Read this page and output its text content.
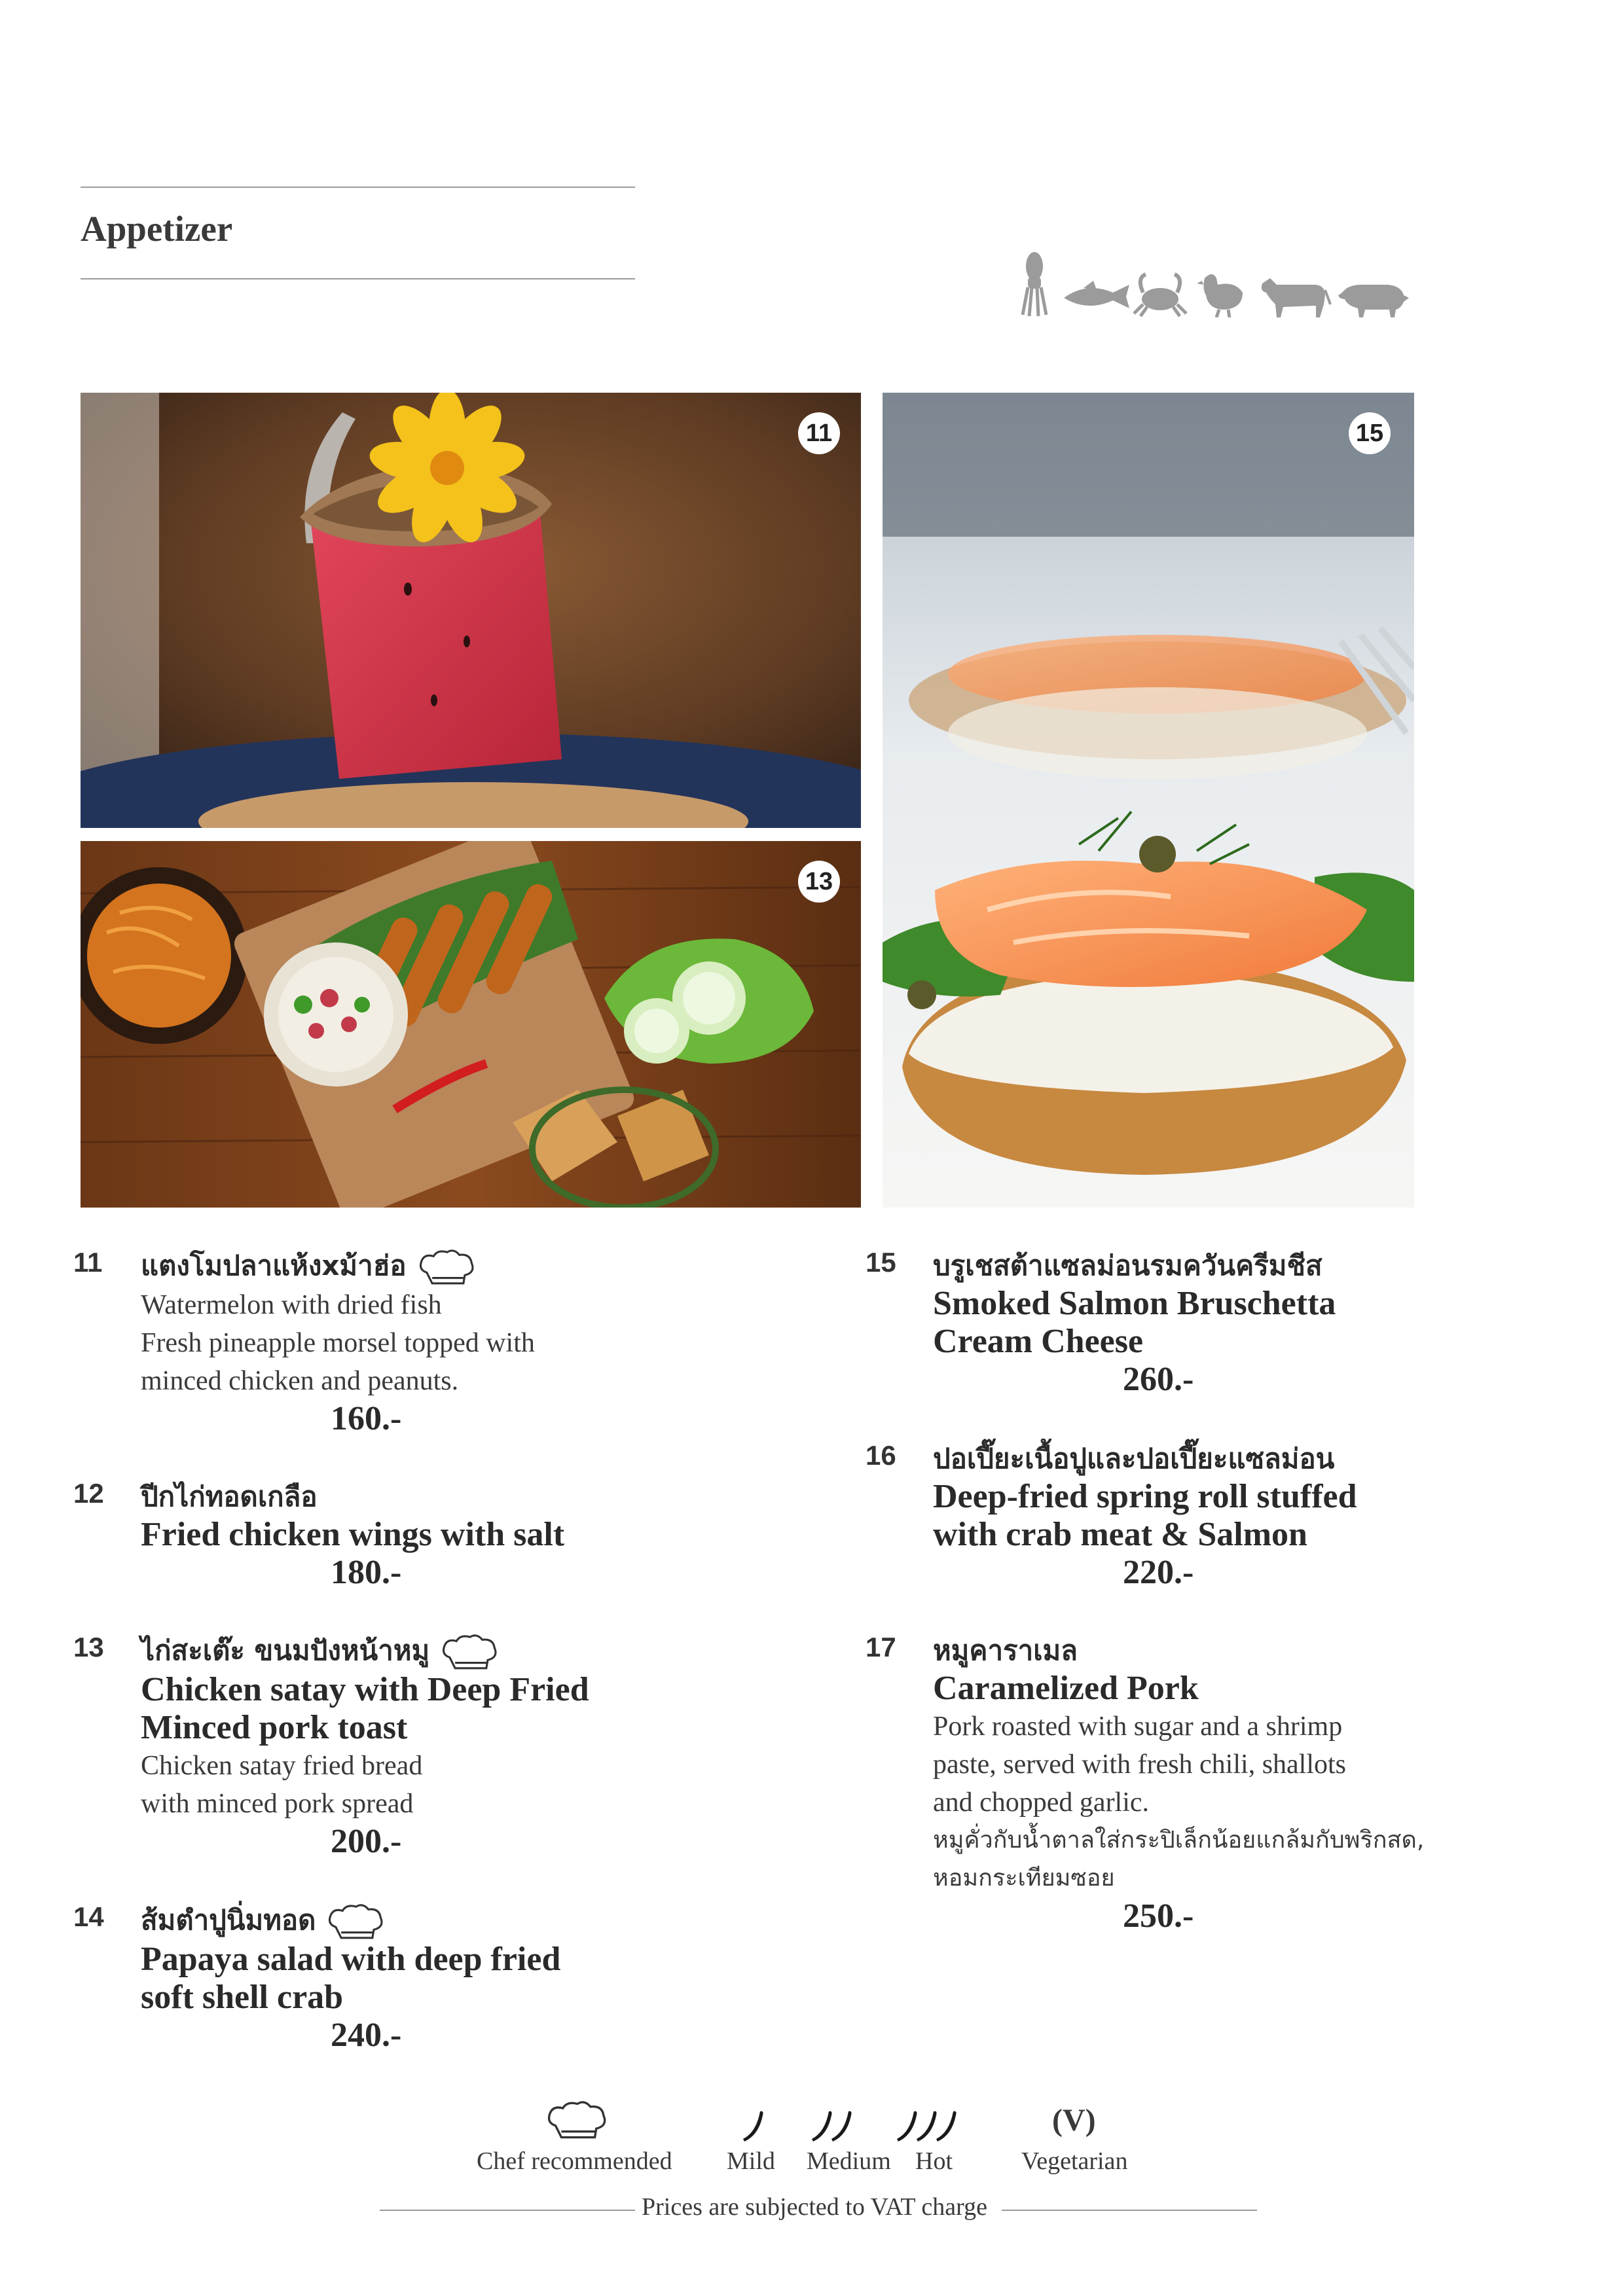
Appetizer
11
13
15
11 แตงโมปลาแห้งxม้าฮ่อ
Watermelon with dried fish
Fresh pineapple morsel topped with
minced chicken and peanuts.
160.-
12 ปีกไก่ทอดเกลือ
Fried chicken wings with salt
180.-
13 ไก่สะเต๊ะ ขนมปังหน้าหมู
Chicken satay with Deep Fried
Minced pork toast
Chicken satay fried bread
with minced pork spread
200.-
14 ส้มตำปูนิ่มทอด
Papaya salad with deep fried
soft shell crab
240.-
15 บรูเชสต้าแซลม่อนรมควันครีมชีส
Smoked Salmon Bruschetta
Cream Cheese
260.-
16 ปอเปี๊ยะเนื้อปูและปอเปี๊ยะแซลม่อน
Deep-fried spring roll stuffed
with crab meat & Salmon
220.-
17 หมูคาราเมล
Caramelized Pork
Pork roasted with sugar and a shrimp
paste, served with fresh chili, shallots
and chopped garlic.
หมูคั่วกับน้ำตาลใส่กระปิเล็กน้อยแกล้มกับพริกสด,
หอมกระเทียมซอย
250.-
Chef recommended Mild Medium Hot
(V)
Vegetarian
Prices are subjected to VAT charge
